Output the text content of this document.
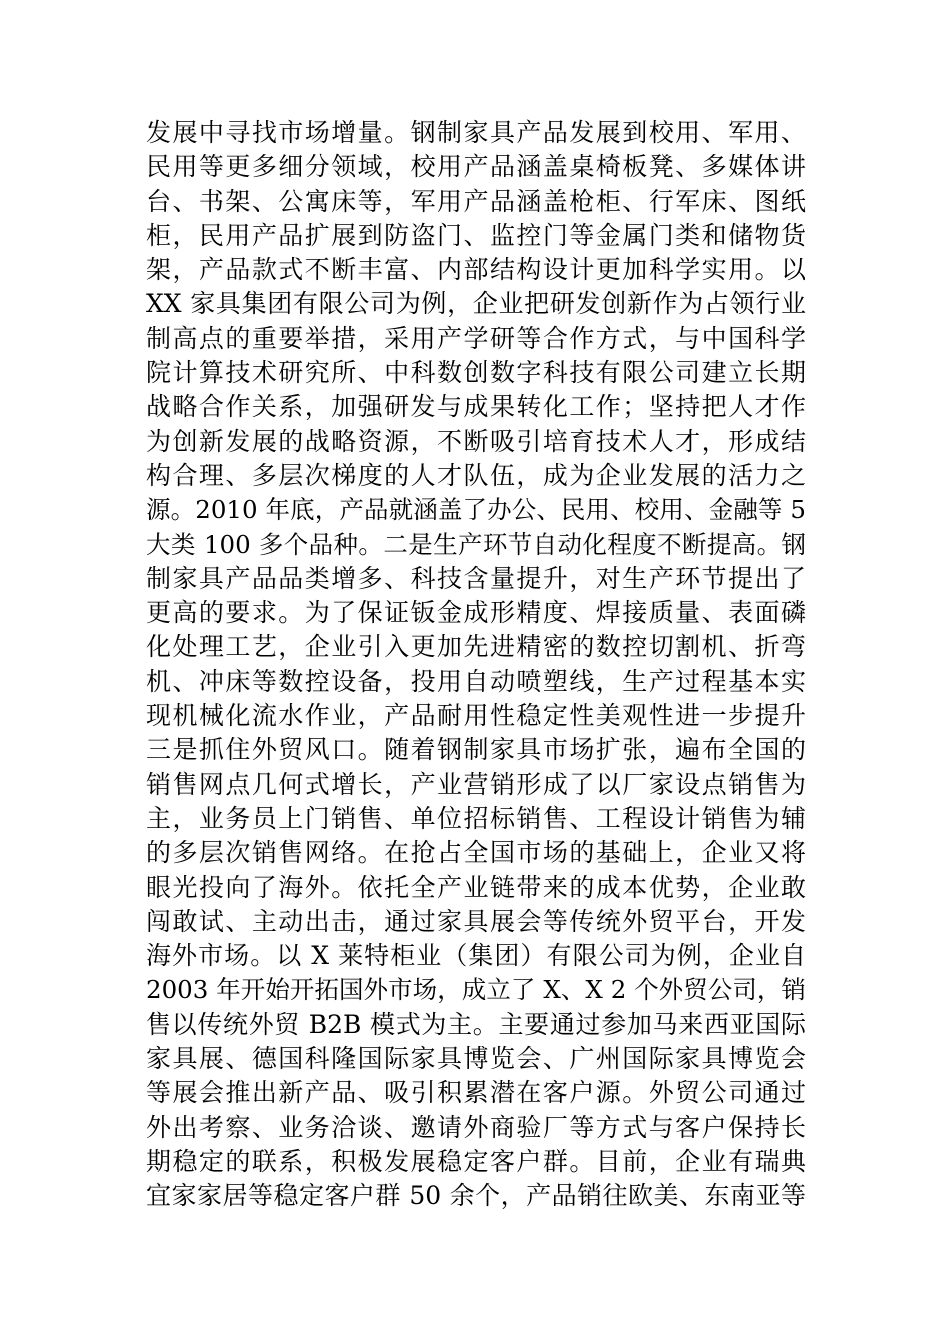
发展中寻找市场增量。钢制家具产品发展到校用、军用、
民用等更多细分领域，校用产品涵盖桌椅板凳、多媒体讲
台、书架、公寓床等，军用产品涵盖枪柜、行军床、图纸
柜，民用产品扩展到防盗门、监控门等金属门类和储物货
架，产品款式不断丰富、内部结构设计更加科学实用。以
XX 家具集团有限公司为例，企业把研发创新作为占领行业
制高点的重要举措，采用产学研等合作方式，与中国科学
院计算技术研究所、中科数创数字科技有限公司建立长期
战略合作关系，加强研发与成果转化工作；坚持把人才作
为创新发展的战略资源，不断吸引培育技术人才，形成结
构合理、多层次梯度的人才队伍，成为企业发展的活力之
源。2010 年底，产品就涵盖了办公、民用、校用、金融等 5
大类 100 多个品种。二是生产环节自动化程度不断提高。钢
制家具产品品类增多、科技含量提升，对生产环节提出了
更高的要求。为了保证钣金成形精度、焊接质量、表面磷
化处理工艺，企业引入更加先进精密的数控切割机、折弯
机、冲床等数控设备，投用自动喷塑线，生产过程基本实
现机械化流水作业，产品耐用性稳定性美观性进一步提升
三是抓住外贸风口。随着钢制家具市场扩张，遍布全国的
销售网点几何式增长，产业营销形成了以厂家设点销售为
主，业务员上门销售、单位招标销售、工程设计销售为辅
的多层次销售网络。在抢占全国市场的基础上，企业又将
眼光投向了海外。依托全产业链带来的成本优势，企业敢
闯敢试、主动出击，通过家具展会等传统外贸平台，开发
海外市场。以 X 莱特柜业（集团）有限公司为例，企业自
2003 年开始开拓国外市场，成立了 X、X 2 个外贸公司，销
售以传统外贸 B2B 模式为主。主要通过参加马来西亚国际
家具展、德国科隆国际家具博览会、广州国际家具博览会
等展会推出新产品、吸引积累潜在客户源。外贸公司通过
外出考察、业务洽谈、邀请外商验厂等方式与客户保持长
期稳定的联系，积极发展稳定客户群。目前，企业有瑞典
宜家家居等稳定客户群 50 余个，产品销往欧美、东南亚等
